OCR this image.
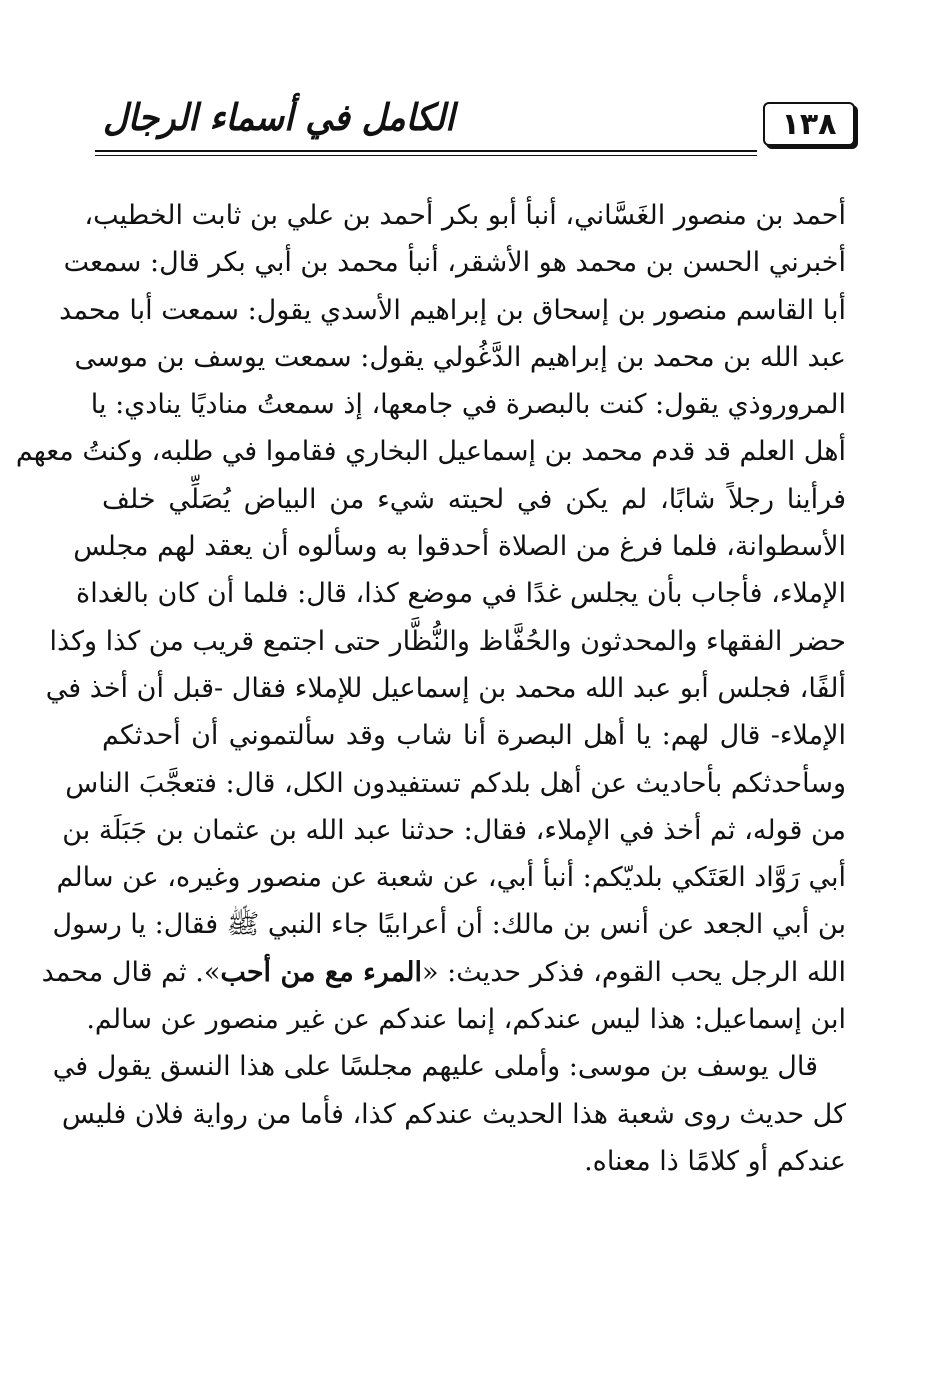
١٣٨
الكامل في أسماء الرجال
أحمد بن منصور الغَسَّاني، أنبأ أبو بكر أحمد بن علي بن ثابت الخطيب،
أخبرني الحسن بن محمد هو الأشقر، أنبأ محمد بن أبي بكر قال: سمعت
أبا القاسم منصور بن إسحاق بن إبراهيم الأسدي يقول: سمعت أبا محمد
عبد الله بن محمد بن إبراهيم الدَّغُولي يقول: سمعت يوسف بن موسى
المروروذي يقول: كنت بالبصرة في جامعها، إذ سمعتُ مناديًا ينادي: يا
أهل العلم قد قدم محمد بن إسماعيل البخاري فقاموا في طلبه، وكنتُ معهم
فرأينا رجلاً شابًا، لم يكن في لحيته شيء من البياض يُصَلِّي خلف
الأسطوانة، فلما فرغ من الصلاة أحدقوا به وسألوه أن يعقد لهم مجلس
الإملاء، فأجاب بأن يجلس غدًا في موضع كذا، قال: فلما أن كان بالغداة
حضر الفقهاء والمحدثون والحُفَّاظ والنُّظَّار حتى اجتمع قريب من كذا وكذا
ألفًا، فجلس أبو عبد الله محمد بن إسماعيل للإملاء فقال -قبل أن أخذ في
الإملاء- قال لهم: يا أهل البصرة أنا شاب وقد سألتموني أن أحدثكم
وسأحدثكم بأحاديث عن أهل بلدكم تستفيدون الكل، قال: فتعجَّبَ الناس
من قوله، ثم أخذ في الإملاء، فقال: حدثنا عبد الله بن عثمان بن جَبَلَة بن
أبي رَوَّاد العَتَكي بلديّكم: أنبأ أبي، عن شعبة عن منصور وغيره، عن سالم
بن أبي الجعد عن أنس بن مالك: أن أعرابيًا جاء النبي ﷺ فقال: يا رسول
الله الرجل يحب القوم، فذكر حديث: «المرء مع من أحب». ثم قال محمد
ابن إسماعيل: هذا ليس عندكم، إنما عندكم عن غير منصور عن سالم.
قال يوسف بن موسى: وأملى عليهم مجلسًا على هذا النسق يقول في
كل حديث روى شعبة هذا الحديث عندكم كذا، فأما من رواية فلان فليس
عندكم أو كلامًا ذا معناه.
